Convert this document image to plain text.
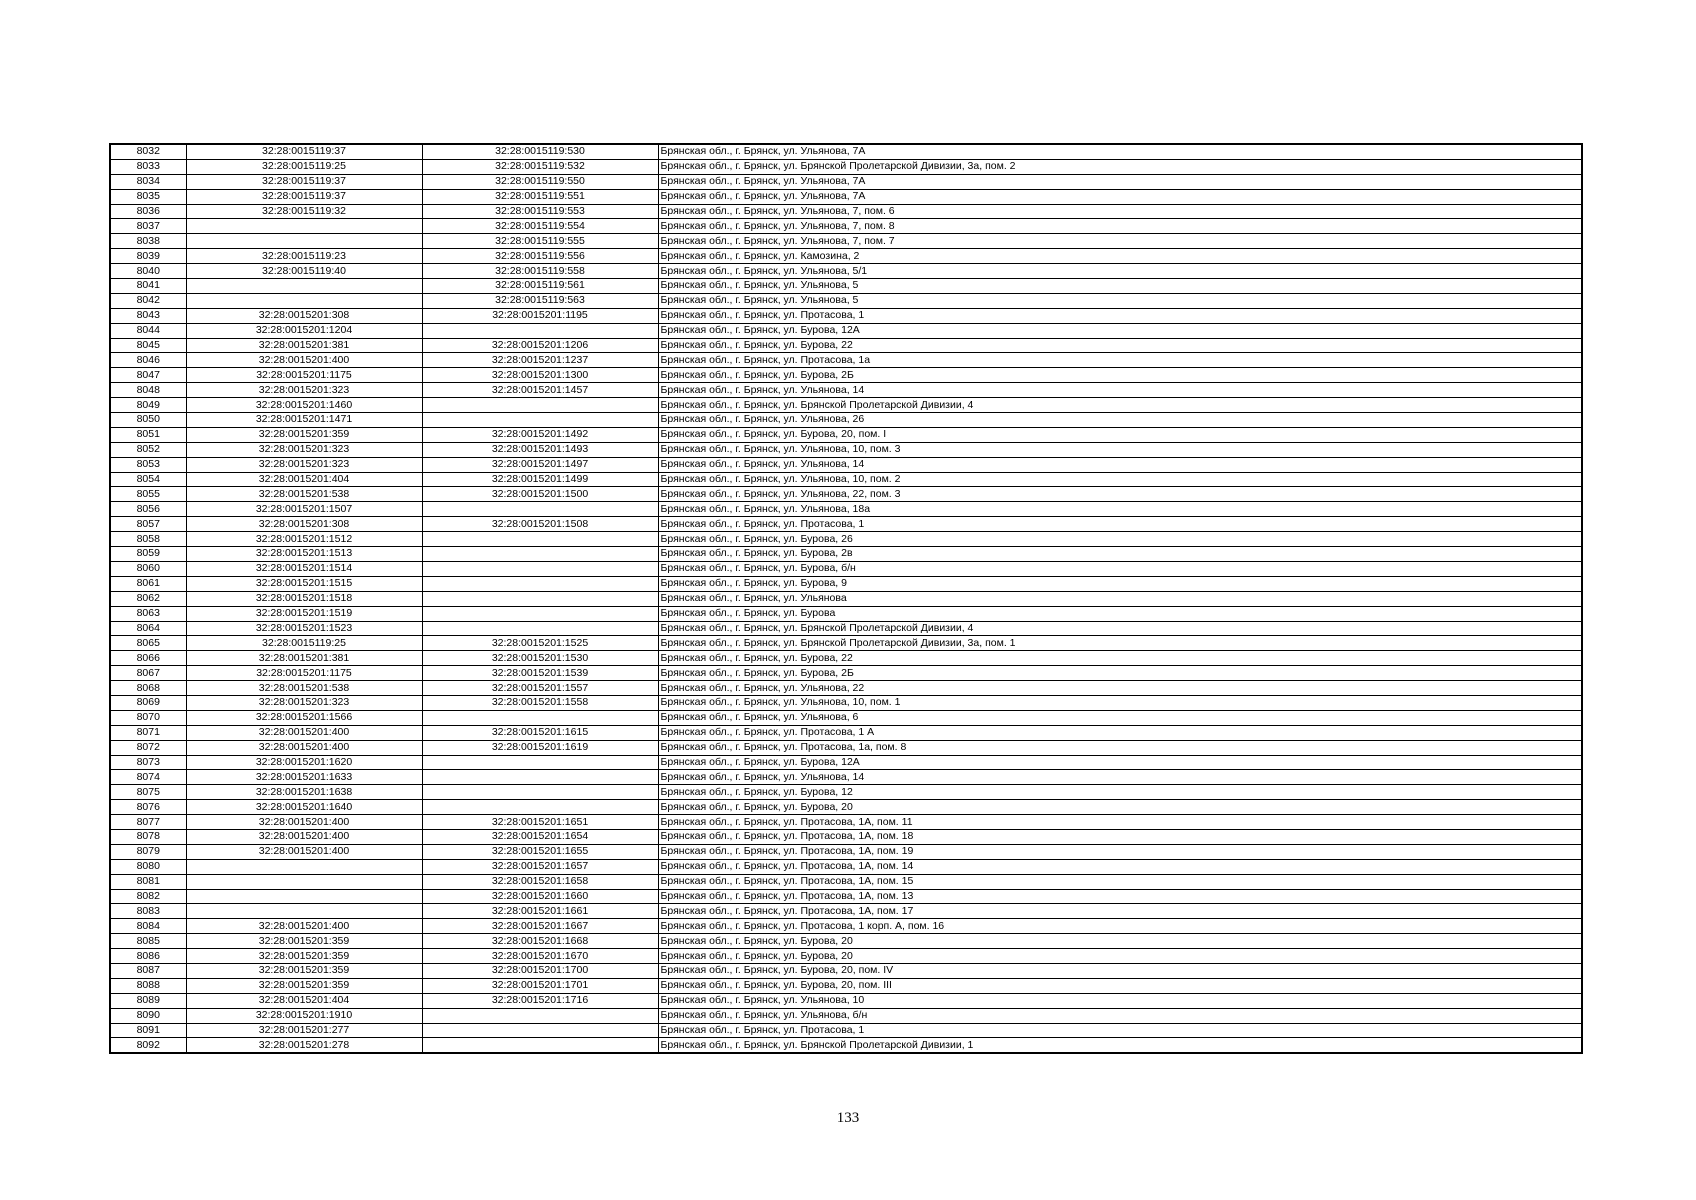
8032	32:28:0015119:37	32:28:0015119:530	Брянская обл., г. Брянск, ул. Ульянова, 7А
8033	32:28:0015119:25	32:28:0015119:532	Брянская обл., г. Брянск, ул. Брянской Пролетарской Дивизии, 3а, пом. 2
8034	32:28:0015119:37	32:28:0015119:550	Брянская обл., г. Брянск, ул. Ульянова, 7А
8035	32:28:0015119:37	32:28:0015119:551	Брянская обл., г. Брянск, ул. Ульянова, 7А
8036	32:28:0015119:32	32:28:0015119:553	Брянская обл., г. Брянск, ул. Ульянова, 7, пом. 6
8037		32:28:0015119:554	Брянская обл., г. Брянск, ул. Ульянова, 7, пом. 8
8038		32:28:0015119:555	Брянская обл., г. Брянск, ул. Ульянова, 7, пом. 7
8039	32:28:0015119:23	32:28:0015119:556	Брянская обл., г. Брянск, ул. Камозина, 2
8040	32:28:0015119:40	32:28:0015119:558	Брянская обл., г. Брянск, ул. Ульянова, 5/1
8041		32:28:0015119:561	Брянская обл., г. Брянск, ул. Ульянова, 5
8042		32:28:0015119:563	Брянская обл., г. Брянск, ул. Ульянова, 5
8043	32:28:0015201:308	32:28:0015201:1195	Брянская обл., г. Брянск, ул. Протасова, 1
8044	32:28:0015201:1204		Брянская обл., г. Брянск, ул. Бурова, 12А
8045	32:28:0015201:381	32:28:0015201:1206	Брянская обл., г. Брянск, ул. Бурова, 22
8046	32:28:0015201:400	32:28:0015201:1237	Брянская обл., г. Брянск, ул. Протасова, 1а
8047	32:28:0015201:1175	32:28:0015201:1300	Брянская обл., г. Брянск, ул. Бурова, 2Б
8048	32:28:0015201:323	32:28:0015201:1457	Брянская обл., г. Брянск, ул. Ульянова, 14
8049	32:28:0015201:1460		Брянская обл., г. Брянск, ул. Брянской Пролетарской Дивизии, 4
8050	32:28:0015201:1471		Брянская обл., г. Брянск, ул. Ульянова, 26
8051	32:28:0015201:359	32:28:0015201:1492	Брянская обл., г. Брянск, ул. Бурова, 20, пом. I
8052	32:28:0015201:323	32:28:0015201:1493	Брянская обл., г. Брянск, ул. Ульянова, 10, пом. 3
8053	32:28:0015201:323	32:28:0015201:1497	Брянская обл., г. Брянск, ул. Ульянова, 14
8054	32:28:0015201:404	32:28:0015201:1499	Брянская обл., г. Брянск, ул. Ульянова, 10, пом. 2
8055	32:28:0015201:538	32:28:0015201:1500	Брянская обл., г. Брянск, ул. Ульянова, 22, пом. 3
8056	32:28:0015201:1507		Брянская обл., г. Брянск, ул. Ульянова, 18а
8057	32:28:0015201:308	32:28:0015201:1508	Брянская обл., г. Брянск, ул. Протасова, 1
8058	32:28:0015201:1512		Брянская обл., г. Брянск, ул. Бурова, 26
8059	32:28:0015201:1513		Брянская обл., г. Брянск, ул. Бурова, 2в
8060	32:28:0015201:1514		Брянская обл., г. Брянск, ул. Бурова, б/н
8061	32:28:0015201:1515		Брянская обл., г. Брянск, ул. Бурова, 9
8062	32:28:0015201:1518		Брянская обл., г. Брянск, ул. Ульянова
8063	32:28:0015201:1519		Брянская обл., г. Брянск, ул. Бурова
8064	32:28:0015201:1523		Брянская обл., г. Брянск, ул. Брянской Пролетарской Дивизии, 4
8065	32:28:0015119:25	32:28:0015201:1525	Брянская обл., г. Брянск, ул. Брянской Пролетарской Дивизии, 3а, пом. 1
8066	32:28:0015201:381	32:28:0015201:1530	Брянская обл., г. Брянск, ул. Бурова, 22
8067	32:28:0015201:1175	32:28:0015201:1539	Брянская обл., г. Брянск, ул. Бурова, 2Б
8068	32:28:0015201:538	32:28:0015201:1557	Брянская обл., г. Брянск, ул. Ульянова, 22
8069	32:28:0015201:323	32:28:0015201:1558	Брянская обл., г. Брянск, ул. Ульянова, 10, пом. 1
8070	32:28:0015201:1566		Брянская обл., г. Брянск, ул. Ульянова, 6
8071	32:28:0015201:400	32:28:0015201:1615	Брянская обл., г. Брянск, ул. Протасова, 1 А
8072	32:28:0015201:400	32:28:0015201:1619	Брянская обл., г. Брянск, ул. Протасова, 1а, пом. 8
8073	32:28:0015201:1620		Брянская обл., г. Брянск, ул. Бурова, 12А
8074	32:28:0015201:1633		Брянская обл., г. Брянск, ул. Ульянова, 14
8075	32:28:0015201:1638		Брянская обл., г. Брянск, ул. Бурова, 12
8076	32:28:0015201:1640		Брянская обл., г. Брянск, ул. Бурова, 20
8077	32:28:0015201:400	32:28:0015201:1651	Брянская обл., г. Брянск, ул. Протасова, 1А, пом. 11
8078	32:28:0015201:400	32:28:0015201:1654	Брянская обл., г. Брянск, ул. Протасова, 1А, пом. 18
8079	32:28:0015201:400	32:28:0015201:1655	Брянская обл., г. Брянск, ул. Протасова, 1А, пом. 19
8080		32:28:0015201:1657	Брянская обл., г. Брянск, ул. Протасова, 1А, пом. 14
8081		32:28:0015201:1658	Брянская обл., г. Брянск, ул. Протасова, 1А, пом. 15
8082		32:28:0015201:1660	Брянская обл., г. Брянск, ул. Протасова, 1А, пом. 13
8083		32:28:0015201:1661	Брянская обл., г. Брянск, ул. Протасова, 1А, пом. 17
8084	32:28:0015201:400	32:28:0015201:1667	Брянская обл., г. Брянск, ул. Протасова, 1 корп. А, пом. 16
8085	32:28:0015201:359	32:28:0015201:1668	Брянская обл., г. Брянск, ул. Бурова, 20
8086	32:28:0015201:359	32:28:0015201:1670	Брянская обл., г. Брянск, ул. Бурова, 20
8087	32:28:0015201:359	32:28:0015201:1700	Брянская обл., г. Брянск, ул. Бурова, 20, пом. IV
8088	32:28:0015201:359	32:28:0015201:1701	Брянская обл., г. Брянск, ул. Бурова, 20, пом. III
8089	32:28:0015201:404	32:28:0015201:1716	Брянская обл., г. Брянск, ул. Ульянова, 10
8090	32:28:0015201:1910		Брянская обл., г. Брянск, ул. Ульянова, б/н
8091	32:28:0015201:277		Брянская обл., г. Брянск, ул. Протасова, 1
8092	32:28:0015201:278		Брянская обл., г. Брянск, ул. Брянской Пролетарской Дивизии, 1
133
